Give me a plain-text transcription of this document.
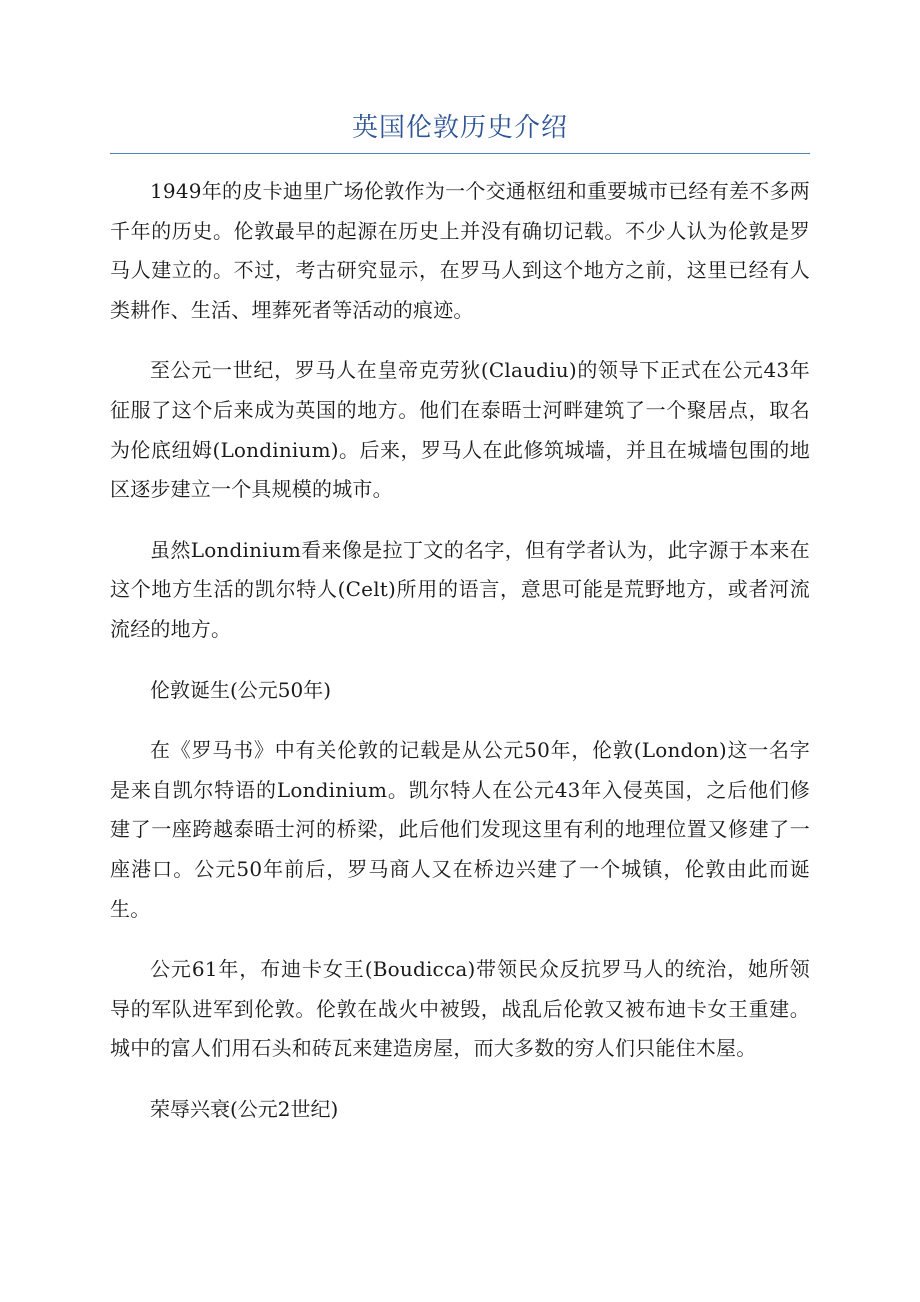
英国伦敦历史介绍

1949年的皮卡迪里广场伦敦作为一个交通枢纽和重要城市已经有差不多两千年的历史。伦敦最早的起源在历史上并没有确切记载。不少人认为伦敦是罗马人建立的。不过，考古研究显示，在罗马人到这个地方之前，这里已经有人类耕作、生活、埋葬死者等活动的痕迹。

至公元一世纪，罗马人在皇帝克劳狄(Claudiu)的领导下正式在公元43年征服了这个后来成为英国的地方。他们在泰晤士河畔建筑了一个聚居点，取名为伦底纽姆(Londinium)。后来，罗马人在此修筑城墙，并且在城墙包围的地区逐步建立一个具规模的城市。

虽然Londinium看来像是拉丁文的名字，但有学者认为，此字源于本来在这个地方生活的凯尔特人(Celt)所用的语言，意思可能是荒野地方，或者河流流经的地方。

伦敦诞生(公元50年)

在《罗马书》中有关伦敦的记载是从公元50年，伦敦(London)这一名字是来自凯尔特语的Londinium。凯尔特人在公元43年入侵英国，之后他们修建了一座跨越泰晤士河的桥梁，此后他们发现这里有利的地理位置又修建了一座港口。公元50年前后，罗马商人又在桥边兴建了一个城镇，伦敦由此而诞生。

公元61年，布迪卡女王(Boudicca)带领民众反抗罗马人的统治，她所领导的军队进军到伦敦。伦敦在战火中被毁，战乱后伦敦又被布迪卡女王重建。城中的富人们用石头和砖瓦来建造房屋，而大多数的穷人们只能住木屋。

荣辱兴衰(公元2世纪)
